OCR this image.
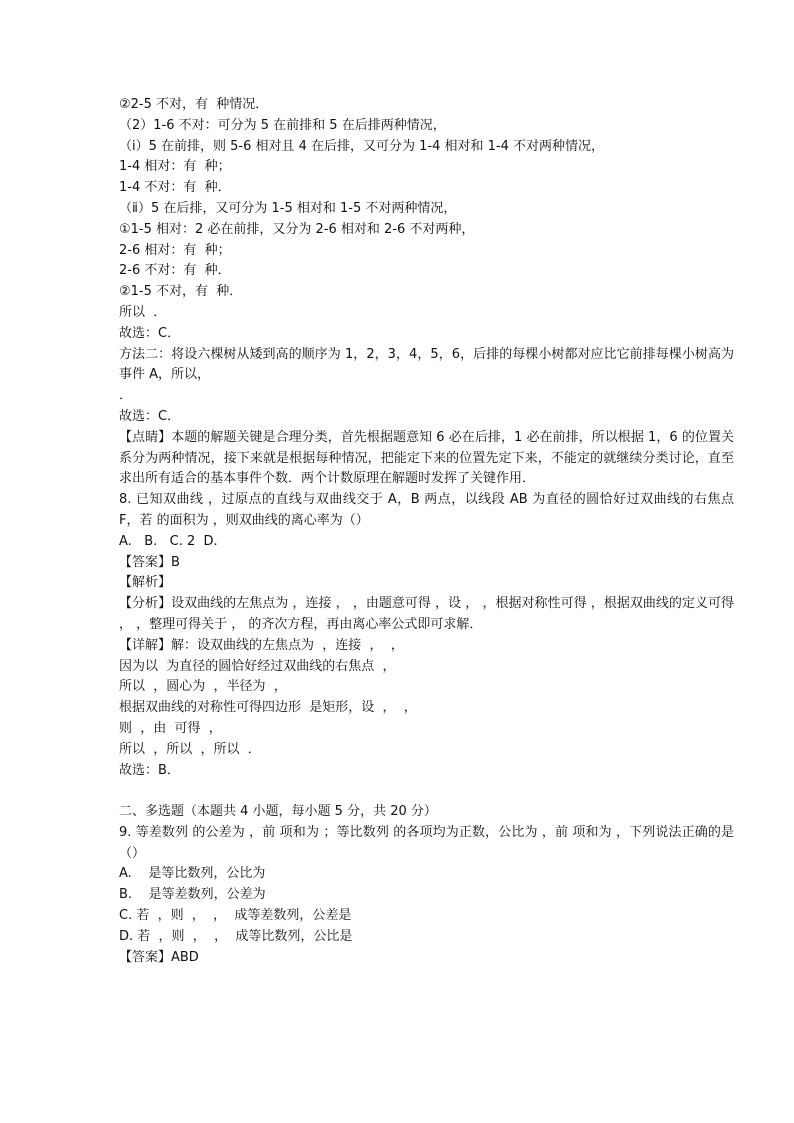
②2-5 不对，有  种情况．
（2）1-6 不对：可分为 5 在前排和 5 在后排两种情况，
（ⅰ）5 在前排，则 5-6 相对且 4 在后排，又可分为 1-4 相对和 1-4 不对两种情况，
1-4 相对：有  种；
1-4 不对：有  种．
（ⅱ）5 在后排，又可分为 1-5 相对和 1-5 不对两种情况，
①1-5 相对：2 必在前排，又分为 2-6 相对和 2-6 不对两种，
2-6 相对：有  种；
2-6 不对：有  种．
②1-5 不对，有  种．
所以  ．
故选：C．
方法二：将设六棵树从矮到高的顺序为 1，2，3，4，5，6，后排的每棵小树都对应比它前排每棵小树高为事件 A，所以，
．
故选：C．
【点睛】本题的解题关键是合理分类，首先根据题意知 6 必在后排，1 必在前排，所以根据 1，6 的位置关系分为两种情况，接下来就是根据每种情况，把能定下来的位置先定下来，不能定的就继续分类讨论，直至求出所有适合的基本事件个数．两个计数原理在解题时发挥了关键作用．
8. 已知双曲线 ，过原点的直线与双曲线交于 A，B 两点，以线段 AB 为直径的圆恰好过双曲线的右焦点 F，若 的面积为 ，则双曲线的离心率为（）
A.   B.   C. 2  D.
【答案】B
【解析】
【分析】设双曲线的左焦点为 ，连接 ， ，由题意可得 ，设 ， ，根据对称性可得 ，根据双曲线的定义可得 ， ，整理可得关于 ， 的齐次方程，再由离心率公式即可求解．
【详解】解：设双曲线的左焦点为  ，连接  ，  ，
因为以  为直径的圆恰好经过双曲线的右焦点  ，
所以  ，圆心为  ，半径为  ，
根据双曲线的对称性可得四边形  是矩形，设  ，  ，
则  ，由  可得  ，
所以  ，所以  ，所以  ．
故选：B．
二、多选题（本题共 4 小题，每小题 5 分，共 20 分）
9. 等差数列 的公差为 ，前 项和为 ；等比数列 的各项均为正数，公比为 ，前 项和为 ，下列说法正确的是（）
A.    是等比数列，公比为
B.    是等差数列，公差为
C. 若  ，则  ，  ，  成等差数列，公差是
D. 若  ，则  ，  ，  成等比数列，公比是
【答案】ABD
